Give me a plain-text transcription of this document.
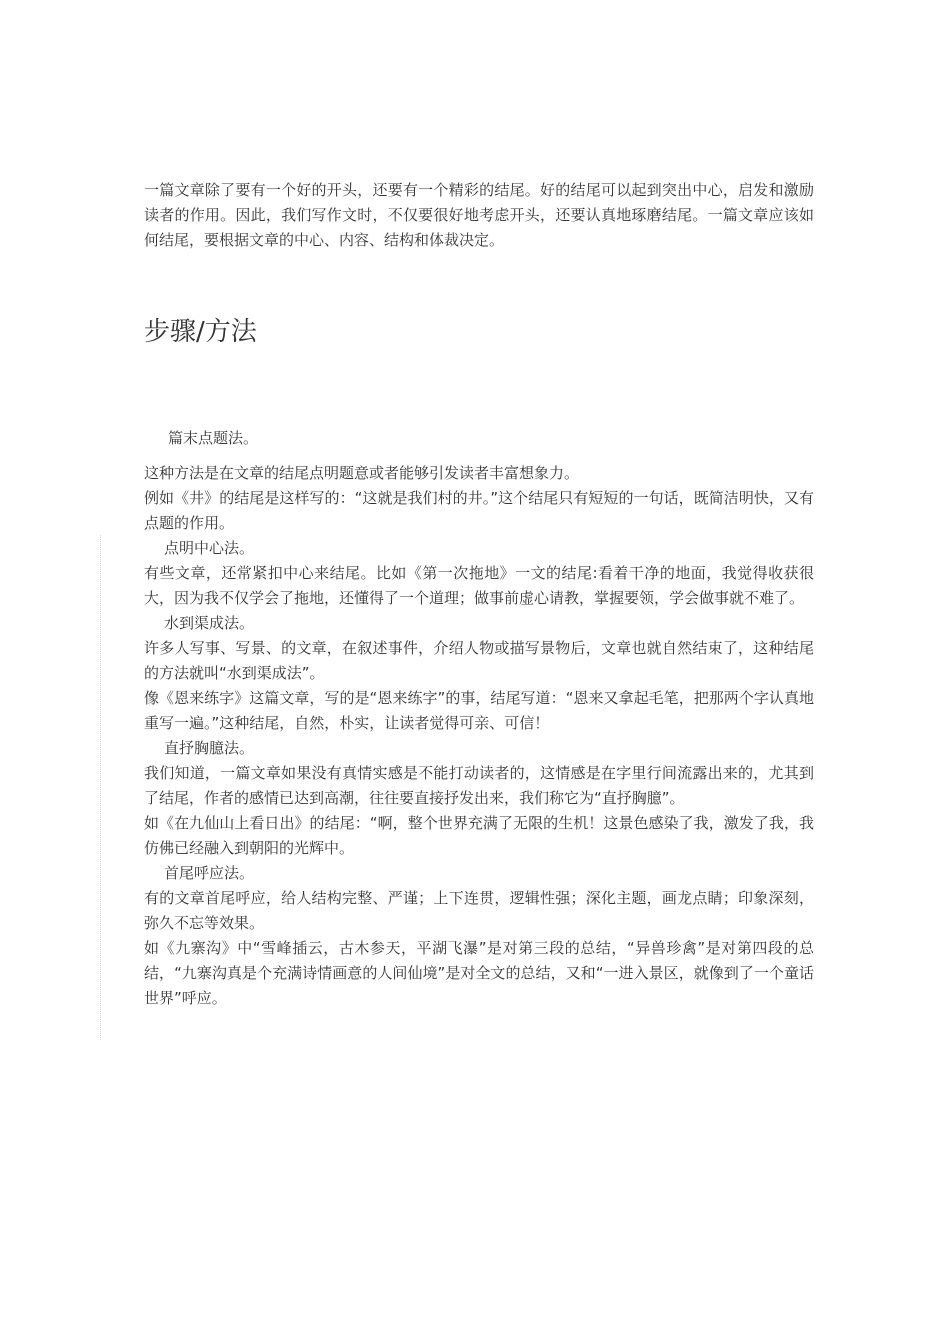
一篇文章除了要有一个好的开头，还要有一个精彩的结尾。好的结尾可以起到突出中心，启发和激励读者的作用。因此，我们写作文时，不仅要很好地考虑开头，还要认真地琢磨结尾。一篇文章应该如何结尾，要根据文章的中心、内容、结构和体裁决定。

步骤/方法

篇末点题法。

这种方法是在文章的结尾点明题意或者能够引发读者丰富想象力。

例如《井》的结尾是这样写的：“这就是我们村的井。”这个结尾只有短短的一句话，既简洁明快，又有点题的作用。

点明中心法。

有些文章，还常紧扣中心来结尾。比如《第一次拖地》一文的结尾:看着干净的地面，我觉得收获很大，因为我不仅学会了拖地，还懂得了一个道理；做事前虚心请教，掌握要领，学会做事就不难了。

水到渠成法。

许多人写事、写景、的文章，在叙述事件，介绍人物或描写景物后，文章也就自然结束了，这种结尾的方法就叫“水到渠成法”。

像《恩来练字》这篇文章，写的是“恩来练字”的事，结尾写道：“恩来又拿起毛笔，把那两个字认真地重写一遍。”这种结尾，自然，朴实，让读者觉得可亲、可信！

直抒胸臆法。

我们知道，一篇文章如果没有真情实感是不能打动读者的，这情感是在字里行间流露出来的，尤其到了结尾，作者的感情已达到高潮，往往要直接抒发出来，我们称它为“直抒胸臆”。

如《在九仙山上看日出》的结尾：“啊，整个世界充满了无限的生机！这景色感染了我，激发了我，我仿佛已经融入到朝阳的光辉中。

首尾呼应法。

有的文章首尾呼应，给人结构完整、严谨；上下连贯，逻辑性强；深化主题，画龙点睛；印象深刻，弥久不忘等效果。

如《九寨沟》中“雪峰插云，古木参天，平湖飞瀑”是对第三段的总结，“异兽珍禽”是对第四段的总结，“九寨沟真是个充满诗情画意的人间仙境”是对全文的总结，又和“一进入景区，就像到了一个童话世界”呼应。
